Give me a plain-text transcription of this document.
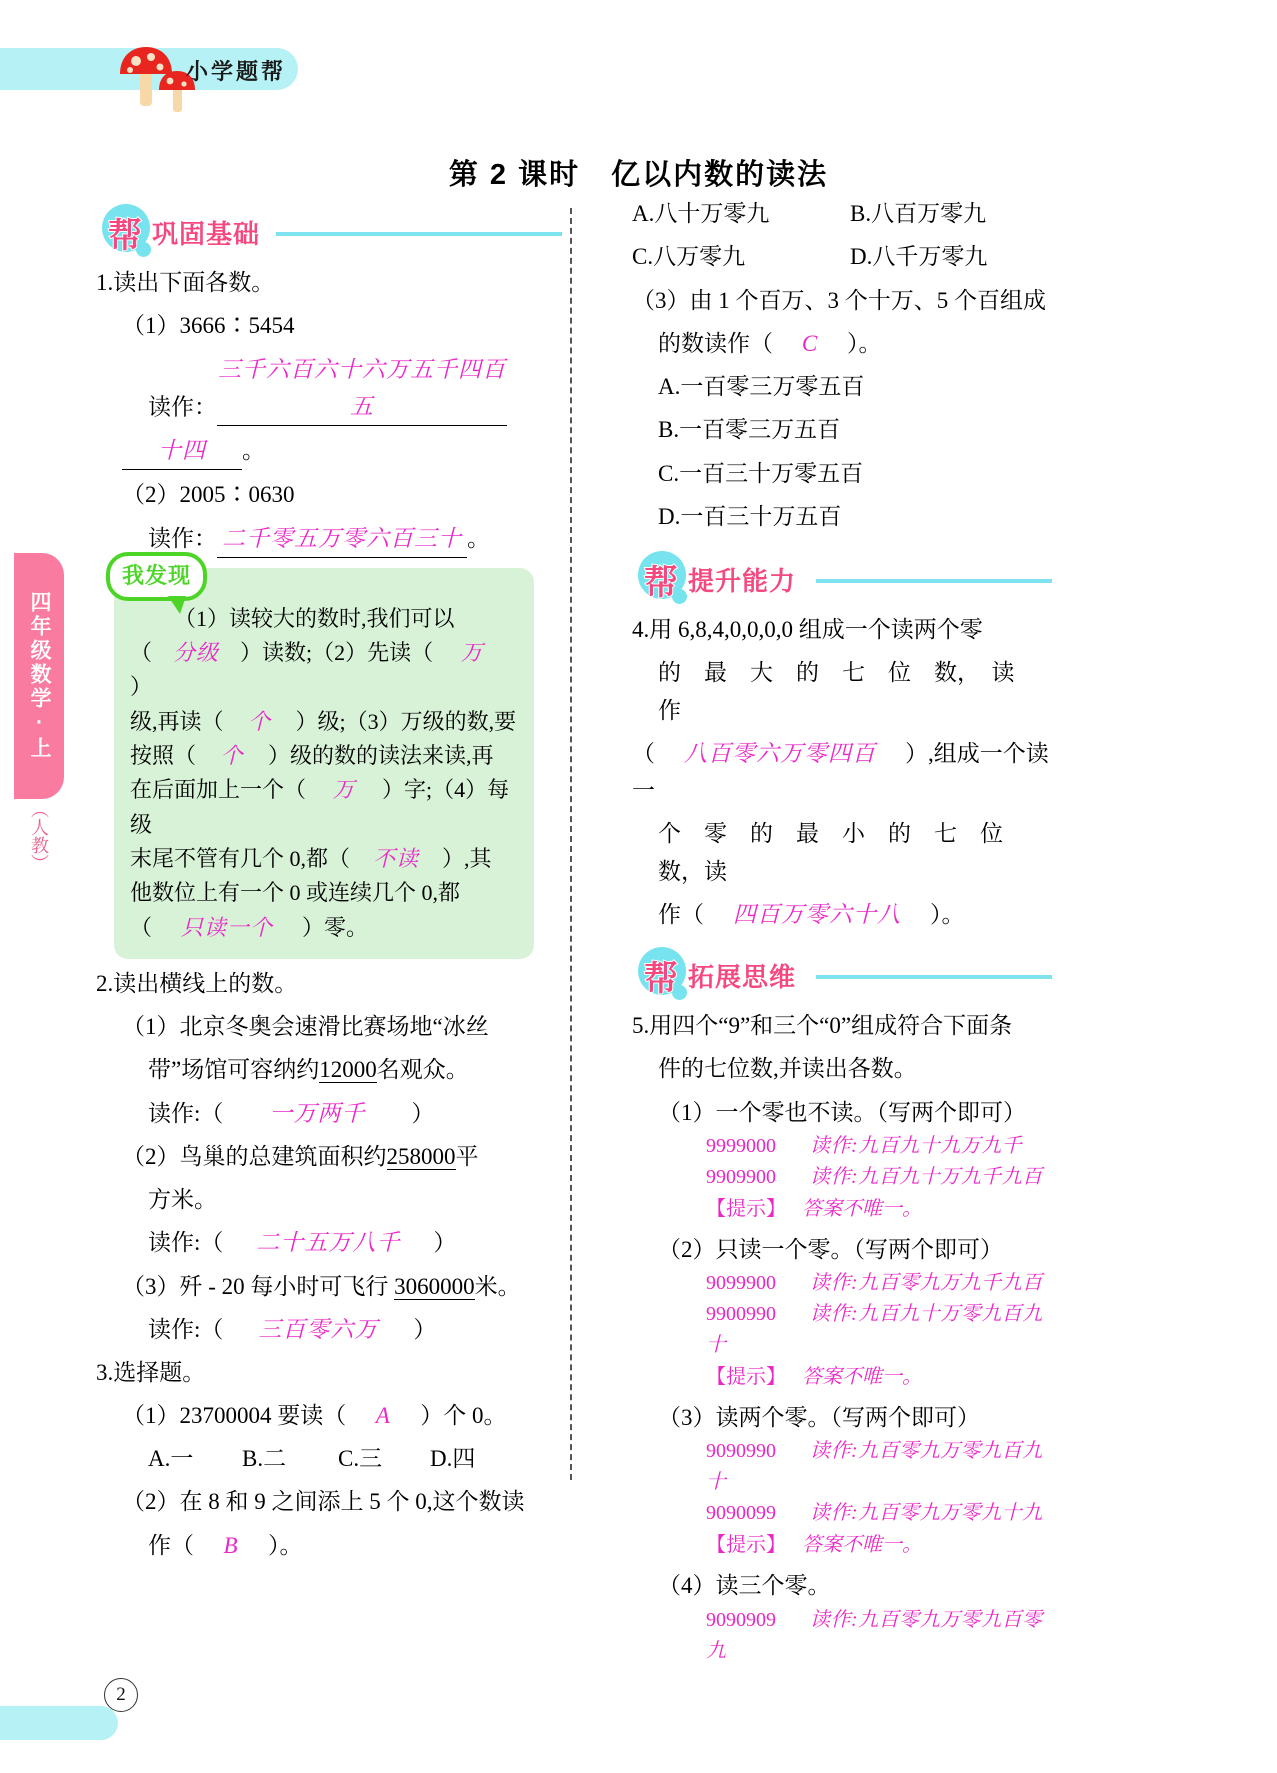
小学题帮
四年级数学·上
（人教）
第 2 课时　亿以内数的读法
帮 巩固基础
1.读出下面各数。
（1）3666∶5454
读作：三千六百六十六万五千四百五
十四 。
（2）2005∶0630
读作： 二千零五万零六百三十 。
我发现
（1）读较大的数时,我们可以
（ 分级 ）读数;（2）先读（ 万）
级,再读（ 个 ）级;（3）万级的数,要
按照（ 个 ）级的数的读法来读,再
在后面加上一个（ 万 ）字;（4）每级
末尾不管有几个 0,都（ 不读 ）,其
他数位上有一个 0 或连续几个 0,都
（ 只读一个 ）零。
2.读出横线上的数。
（1）北京冬奥会速滑比赛场地“冰丝
带”场馆可容纳约12000名观众。
读作:（ 一万两千 ）
（2）鸟巢的总建筑面积约258000平
方米。
读作:（ 二十五万八千 ）
（3）歼 - 20 每小时可飞行 3060000米。
读作:（ 三百零六万 ）
3.选择题。
（1）23700004 要读（ A ）个 0。
A.一 B.二 C.三 D.四
（2）在 8 和 9 之间添上 5 个 0,这个数读
作（ B ）。
A.八十万零九	B.八百万零九
C.八万零九	D.八千万零九
（3）由 1 个百万、3 个十万、5 个百组成
的数读作（ C ）。
A.一百零三万零五百
B.一百零三万五百
C.一百三十万零五百
D.一百三十万五百
帮 提升能力
4.用 6,8,4,0,0,0,0 组成一个读两个零
的　最　大　的　七　位　数，　读　作
（ 八百零六万零四百 ）,组成一个读一
个　零　的　最　小　的　七　位　数，读
作（ 四百万零六十八 ）。
帮 拓展思维
5.用四个“9”和三个“0”组成符合下面条
件的七位数,并读出各数。
（1）一个零也不读。（写两个即可）
9999000 读作:九百九十九万九千
9909900 读作:九百九十万九千九百
【提示】 答案不唯一。
（2）只读一个零。（写两个即可）
9099900 读作:九百零九万九千九百
9900990 读作:九百九十万零九百九十
【提示】 答案不唯一。
（3）读两个零。（写两个即可）
9090990 读作:九百零九万零九百九十
9090099 读作:九百零九万零九十九
【提示】 答案不唯一。
（4）读三个零。
9090909 读作:九百零九万零九百零九
2
